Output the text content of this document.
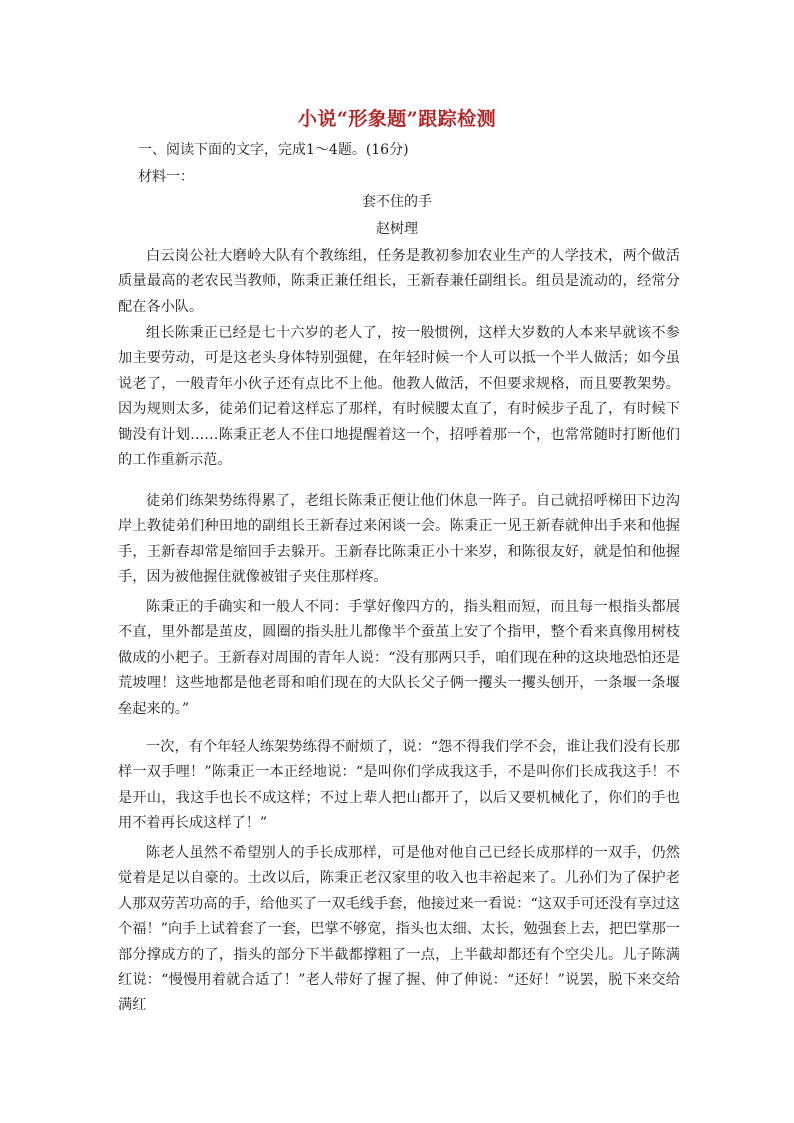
小说“形象题”跟踪检测
一、阅读下面的文字，完成1～4题。(16分)
材料一：
套不住的手
赵树理

白云岗公社大磨岭大队有个教练组，任务是教初参加农业生产的人学技术，两个做活质量最高的老农民当教师，陈秉正兼任组长，王新春兼任副组长。组员是流动的，经常分配在各小队。

组长陈秉正已经是七十六岁的老人了，按一般惯例，这样大岁数的人本来早就该不参加主要劳动，可是这老头身体特别强健，在年轻时候一个人可以抵一个半人做活；如今虽说老了，一般青年小伙子还有点比不上他。他教人做活，不但要求规格，而且要教架势。因为规则太多，徒弟们记着这样忘了那样，有时候腰太直了，有时候步子乱了，有时候下锄没有计划……陈秉正老人不住口地提醒着这一个，招呼着那一个，也常常随时打断他们的工作重新示范。

徒弟们练架势练得累了，老组长陈秉正便让他们休息一阵子。自己就招呼梯田下边沟岸上教徒弟们种田地的副组长王新春过来闲谈一会。陈秉正一见王新春就伸出手来和他握手，王新春却常是缩回手去躲开。王新春比陈秉正小十来岁，和陈很友好，就是怕和他握手，因为被他握住就像被钳子夹住那样疼。

陈秉正的手确实和一般人不同：手掌好像四方的，指头粗而短，而且每一根指头都展不直，里外都是茧皮，圆圈的指头肚儿都像半个蚕茧上安了个指甲，整个看来真像用树枝做成的小耙子。王新春对周围的青年人说：“没有那两只手，咱们现在种的这块地恐怕还是荒坡哩！这些地都是他老哥和咱们现在的大队长父子俩一攫头一攫头刨开，一条堰一条堰垒起来的。”

一次，有个年轻人练架势练得不耐烦了，说：“怨不得我们学不会，谁让我们没有长那样一双手哩！”陈秉正一本正经地说：“是叫你们学成我这手，不是叫你们长成我这手！不是开山，我这手也长不成这样；不过上辈人把山都开了，以后又要机械化了，你们的手也用不着再长成这样了！”

陈老人虽然不希望别人的手长成那样，可是他对他自己已经长成那样的一双手，仍然觉着是足以自豪的。土改以后，陈秉正老汉家里的收入也丰裕起来了。儿孙们为了保护老人那双劳苦功高的手，给他买了一双毛线手套，他接过来一看说：“这双手可还没有享过这个福！”向手上试着套了一套，巴掌不够宽，指头也太细、太长，勉强套上去，把巴掌那一部分撑成方的了，指头的部分下半截都撑粗了一点，上半截却都还有个空尖儿。儿子陈满红说：“慢慢用着就合适了！”老人带好了握了握、伸了伸说：“还好！”说罢，脱下来交给满红
